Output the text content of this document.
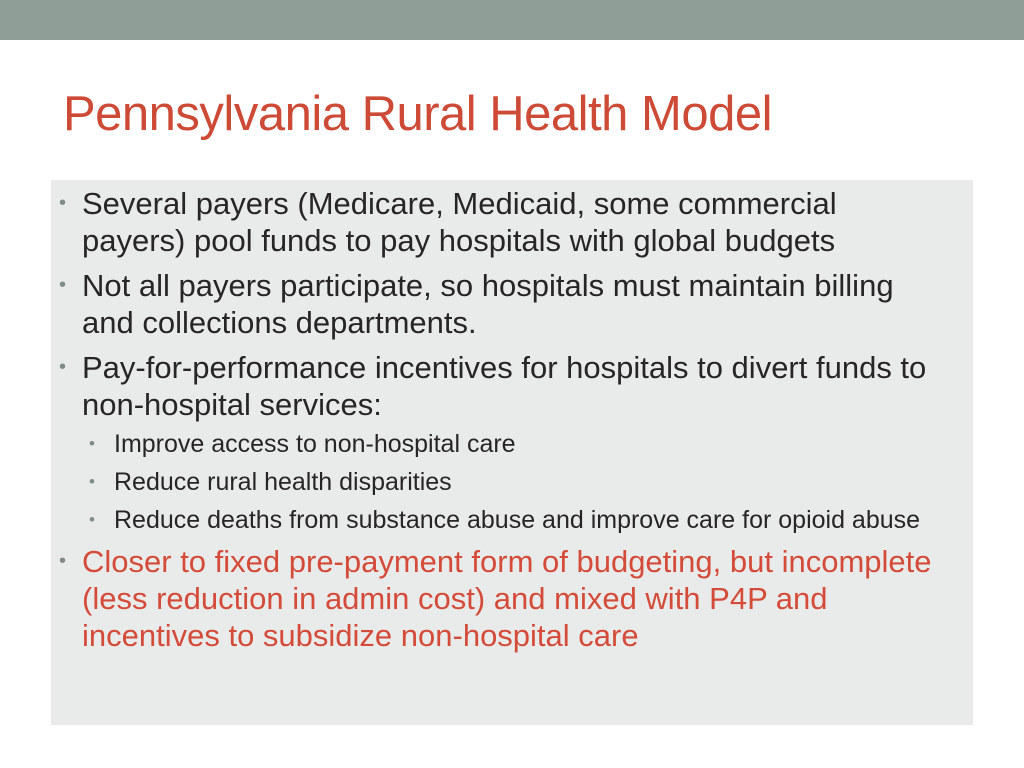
Pennsylvania Rural Health Model
• Several payers (Medicare, Medicaid, some commercial payers) pool funds to pay hospitals with global budgets
• Not all payers participate, so hospitals must maintain billing and collections departments.
• Pay-for-performance incentives for hospitals to divert funds to non-hospital services:
• Improve access to non-hospital care
• Reduce rural health disparities
• Reduce deaths from substance abuse and improve care for opioid abuse
• Closer to fixed pre-payment form of budgeting, but incomplete (less reduction in admin cost) and mixed with P4P and incentives to subsidize non-hospital care
